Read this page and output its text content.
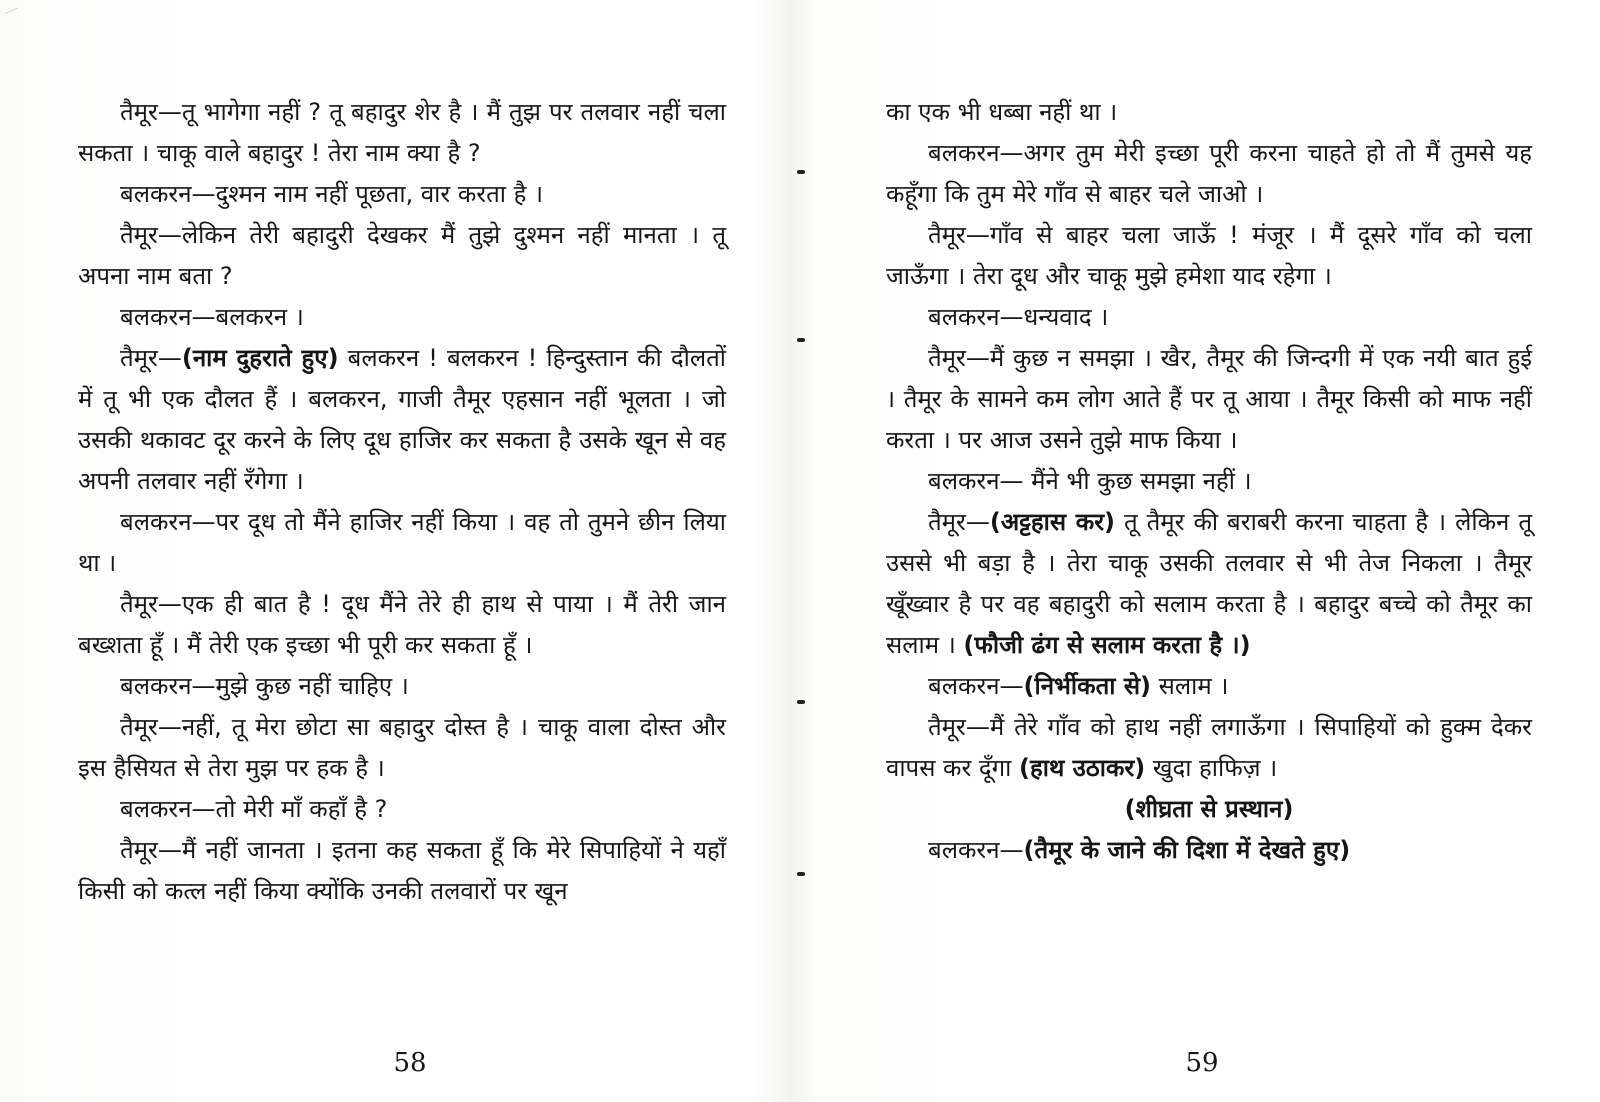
तैमूर—तू भागेगा नहीं ? तू बहादुर शेर है । मैं तुझ पर तलवार नहीं चला सकता । चाकू वाले बहादुर ! तेरा नाम क्या है ?

बलकरन—दुश्मन नाम नहीं पूछता, वार करता है ।

तैमूर—लेकिन तेरी बहादुरी देखकर मैं तुझे दुश्मन नहीं मानता । तू अपना नाम बता ?

बलकरन—बलकरन ।

तैमूर—(नाम दुहराते हुए) बलकरन ! बलकरन ! हिन्दुस्तान की दौलतों में तू भी एक दौलत हैं । बलकरन, गाजी तैमूर एहसान नहीं भूलता । जो उसकी थकावट दूर करने के लिए दूध हाजिर कर सकता है उसके खून से वह अपनी तलवार नहीं रँगेगा ।

बलकरन—पर दूध तो मैंने हाजिर नहीं किया । वह तो तुमने छीन लिया था ।

तैमूर—एक ही बात है ! दूध मैंने तेरे ही हाथ से पाया । मैं तेरी जान बख्शता हूँ । मैं तेरी एक इच्छा भी पूरी कर सकता हूँ ।

बलकरन—मुझे कुछ नहीं चाहिए ।

तैमूर—नहीं, तू मेरा छोटा सा बहादुर दोस्त है । चाकू वाला दोस्त और इस हैसियत से तेरा मुझ पर हक है ।

बलकरन—तो मेरी माँ कहाँ है ?

तैमूर—मैं नहीं जानता । इतना कह सकता हूँ कि मेरे सिपाहियों ने यहाँ किसी को कत्ल नहीं किया क्योंकि उनकी तलवारों पर खून

58

का एक भी धब्बा नहीं था ।

बलकरन—अगर तुम मेरी इच्छा पूरी करना चाहते हो तो मैं तुमसे यह कहूँगा कि तुम मेरे गाँव से बाहर चले जाओ ।

तैमूर—गाँव से बाहर चला जाऊँ ! मंजूर । मैं दूसरे गाँव को चला जाऊँगा । तेरा दूध और चाकू मुझे हमेशा याद रहेगा ।

बलकरन—धन्यवाद ।

तैमूर—मैं कुछ न समझा । खैर, तैमूर की जिन्दगी में एक नयी बात हुई । तैमूर के सामने कम लोग आते हैं पर तू आया । तैमूर किसी को माफ नहीं करता । पर आज उसने तुझे माफ किया ।

बलकरन— मैंने भी कुछ समझा नहीं ।

तैमूर—(अट्टहास कर) तू तैमूर की बराबरी करना चाहता है । लेकिन तू उससे भी बड़ा है । तेरा चाकू उसकी तलवार से भी तेज निकला । तैमूर खूँख्वार है पर वह बहादुरी को सलाम करता है । बहादुर बच्चे को तैमूर का सलाम । (फौजी ढंग से सलाम करता है ।)

बलकरन—(निर्भीकता से) सलाम ।

तैमूर—मैं तेरे गाँव को हाथ नहीं लगाऊँगा । सिपाहियों को हुक्म देकर वापस कर दूँगा (हाथ उठाकर) खुदा हाफिज़ ।

(शीघ्रता से प्रस्थान)

बलकरन—(तैमूर के जाने की दिशा में देखते हुए)

59
